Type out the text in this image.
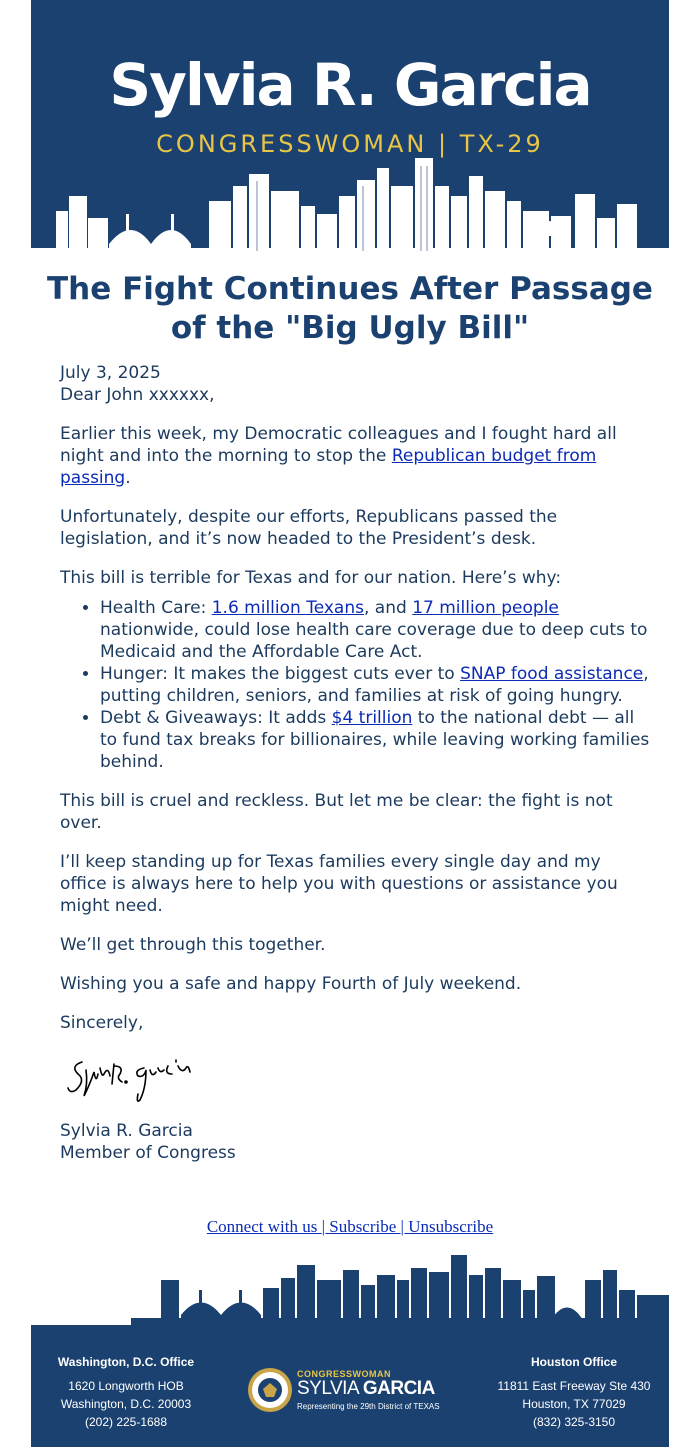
Sylvia R. Garcia
CONGRESSWOMAN | TX-29
The Fight Continues After Passage of the "Big Ugly Bill"

July 3, 2025
Dear John xxxxxx,

Earlier this week, my Democratic colleagues and I fought hard all night and into the morning to stop the Republican budget from passing.

Unfortunately, despite our efforts, Republicans passed the legislation, and it’s now headed to the President’s desk.

This bill is terrible for Texas and for our nation. Here’s why:

• Health Care: 1.6 million Texans, and 17 million people nationwide, could lose health care coverage due to deep cuts to Medicaid and the Affordable Care Act.
• Hunger: It makes the biggest cuts ever to SNAP food assistance, putting children, seniors, and families at risk of going hungry.
• Debt & Giveaways: It adds $4 trillion to the national debt — all to fund tax breaks for billionaires, while leaving working families behind.

This bill is cruel and reckless. But let me be clear: the fight is not over.

I’ll keep standing up for Texas families every single day and my office is always here to help you with questions or assistance you might need.

We’ll get through this together.

Wishing you a safe and happy Fourth of July weekend.

Sincerely,

Sylvia R. Garcia
Member of Congress

Connect with us | Subscribe | Unsubscribe
Washington, D.C. Office
1620 Longworth HOB
Washington, D.C. 20003
(202) 225-1688
CONGRESSWOMAN
SYLVIA GARCIA
Representing the 29th District of TEXAS
Houston Office
11811 East Freeway Ste 430
Houston, TX 77029
(832) 325-3150
